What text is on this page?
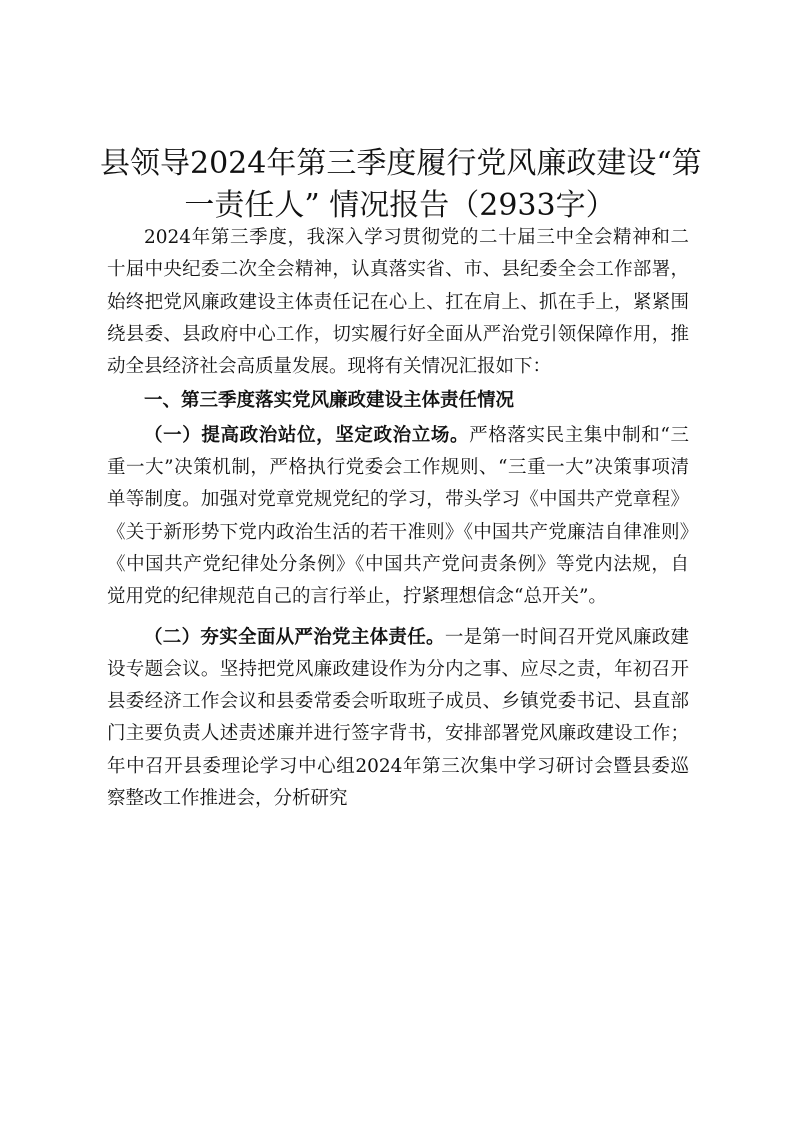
县领导2024年第三季度履行党风廉政建设“第
一责任人” 情况报告（2933字）

2024年第三季度，我深入学习贯彻党的二十届三中全会精神和二十届中央纪委二次全会精神，认真落实省、市、县纪委全会工作部署，始终把党风廉政建设主体责任记在心上、扛在肩上、抓在手上，紧紧围绕县委、县政府中心工作，切实履行好全面从严治党引领保障作用，推动全县经济社会高质量发展。现将有关情况汇报如下：

一、第三季度落实党风廉政建设主体责任情况

（一）提高政治站位，坚定政治立场。严格落实民主集中制和“三重一大”决策机制，严格执行党委会工作规则、“三重一大”决策事项清单等制度。加强对党章党规党纪的学习，带头学习《中国共产党章程》《关于新形势下党内政治生活的若干准则》《中国共产党廉洁自律准则》《中国共产党纪律处分条例》《中国共产党问责条例》等党内法规，自觉用党的纪律规范自己的言行举止，拧紧理想信念“总开关”。

（二）夯实全面从严治党主体责任。一是第一时间召开党风廉政建设专题会议。坚持把党风廉政建设作为分内之事、应尽之责，年初召开县委经济工作会议和县委常委会听取班子成员、乡镇党委书记、县直部门主要负责人述责述廉并进行签字背书，安排部署党风廉政建设工作；年中召开县委理论学习中心组2024年第三次集中学习研讨会暨县委巡察整改工作推进会，分析研究
